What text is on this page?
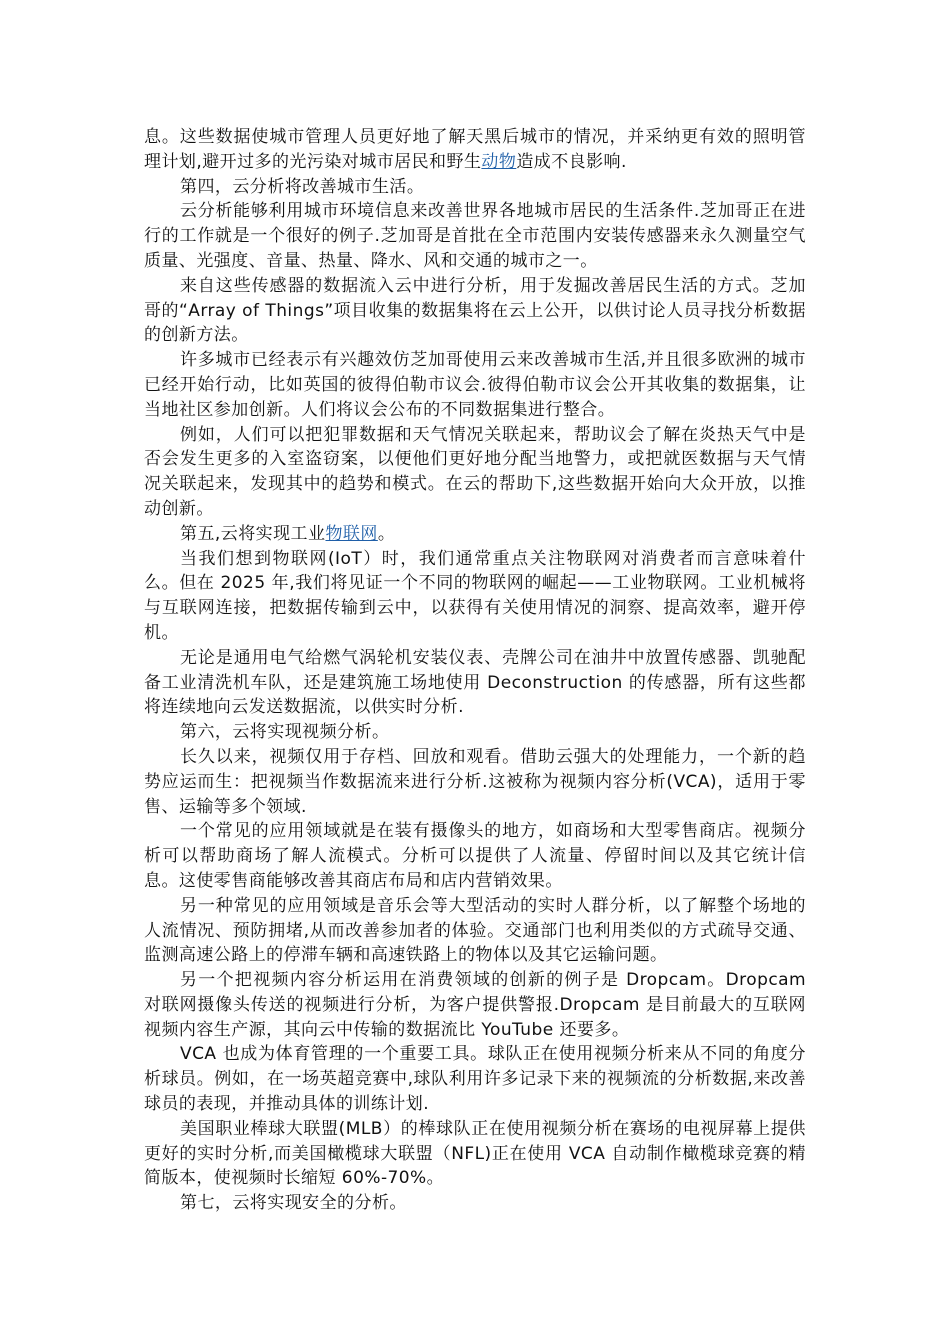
息。这些数据使城市管理人员更好地了解天黑后城市的情况，并采纳更有效的照明管理计划,避开过多的光污染对城市居民和野生动物造成不良影响.

第四，云分析将改善城市生活。

云分析能够利用城市环境信息来改善世界各地城市居民的生活条件.芝加哥正在进行的工作就是一个很好的例子.芝加哥是首批在全市范围内安装传感器来永久测量空气质量、光强度、音量、热量、降水、风和交通的城市之一。

来自这些传感器的数据流入云中进行分析，用于发掘改善居民生活的方式。芝加哥的“Array of Things”项目收集的数据集将在云上公开，以供讨论人员寻找分析数据的创新方法。

许多城市已经表示有兴趣效仿芝加哥使用云来改善城市生活,并且很多欧洲的城市已经开始行动，比如英国的彼得伯勒市议会.彼得伯勒市议会公开其收集的数据集，让当地社区参加创新。人们将议会公布的不同数据集进行整合。

例如，人们可以把犯罪数据和天气情况关联起来，帮助议会了解在炎热天气中是否会发生更多的入室盗窃案，以便他们更好地分配当地警力，或把就医数据与天气情况关联起来，发现其中的趋势和模式。在云的帮助下,这些数据开始向大众开放，以推动创新。

第五,云将实现工业物联网。

当我们想到物联网(IoT）时，我们通常重点关注物联网对消费者而言意味着什么。但在 2025 年,我们将见证一个不同的物联网的崛起——工业物联网。工业机械将与互联网连接，把数据传输到云中，以获得有关使用情况的洞察、提高效率，避开停机。

无论是通用电气给燃气涡轮机安装仪表、壳牌公司在油井中放置传感器、凯驰配备工业清洗机车队，还是建筑施工场地使用 Deconstruction 的传感器，所有这些都将连续地向云发送数据流，以供实时分析.

第六，云将实现视频分析。

长久以来，视频仅用于存档、回放和观看。借助云强大的处理能力，一个新的趋势应运而生：把视频当作数据流来进行分析.这被称为视频内容分析(VCA)，适用于零售、运输等多个领域.

一个常见的应用领域就是在装有摄像头的地方，如商场和大型零售商店。视频分析可以帮助商场了解人流模式。分析可以提供了人流量、停留时间以及其它统计信息。这使零售商能够改善其商店布局和店内营销效果。

另一种常见的应用领域是音乐会等大型活动的实时人群分析，以了解整个场地的人流情况、预防拥堵,从而改善参加者的体验。交通部门也利用类似的方式疏导交通、监测高速公路上的停滞车辆和高速铁路上的物体以及其它运输问题。

另一个把视频内容分析运用在消费领域的创新的例子是 Dropcam。Dropcam 对联网摄像头传送的视频进行分析，为客户提供警报.Dropcam 是目前最大的互联网视频内容生产源，其向云中传输的数据流比 YouTube 还要多。

VCA 也成为体育管理的一个重要工具。球队正在使用视频分析来从不同的角度分析球员。例如，在一场英超竞赛中,球队利用许多记录下来的视频流的分析数据,来改善球员的表现，并推动具体的训练计划.

美国职业棒球大联盟(MLB）的棒球队正在使用视频分析在赛场的电视屏幕上提供更好的实时分析,而美国橄榄球大联盟（NFL)正在使用 VCA 自动制作橄榄球竞赛的精简版本，使视频时长缩短 60%-70%。

第七，云将实现安全的分析。
